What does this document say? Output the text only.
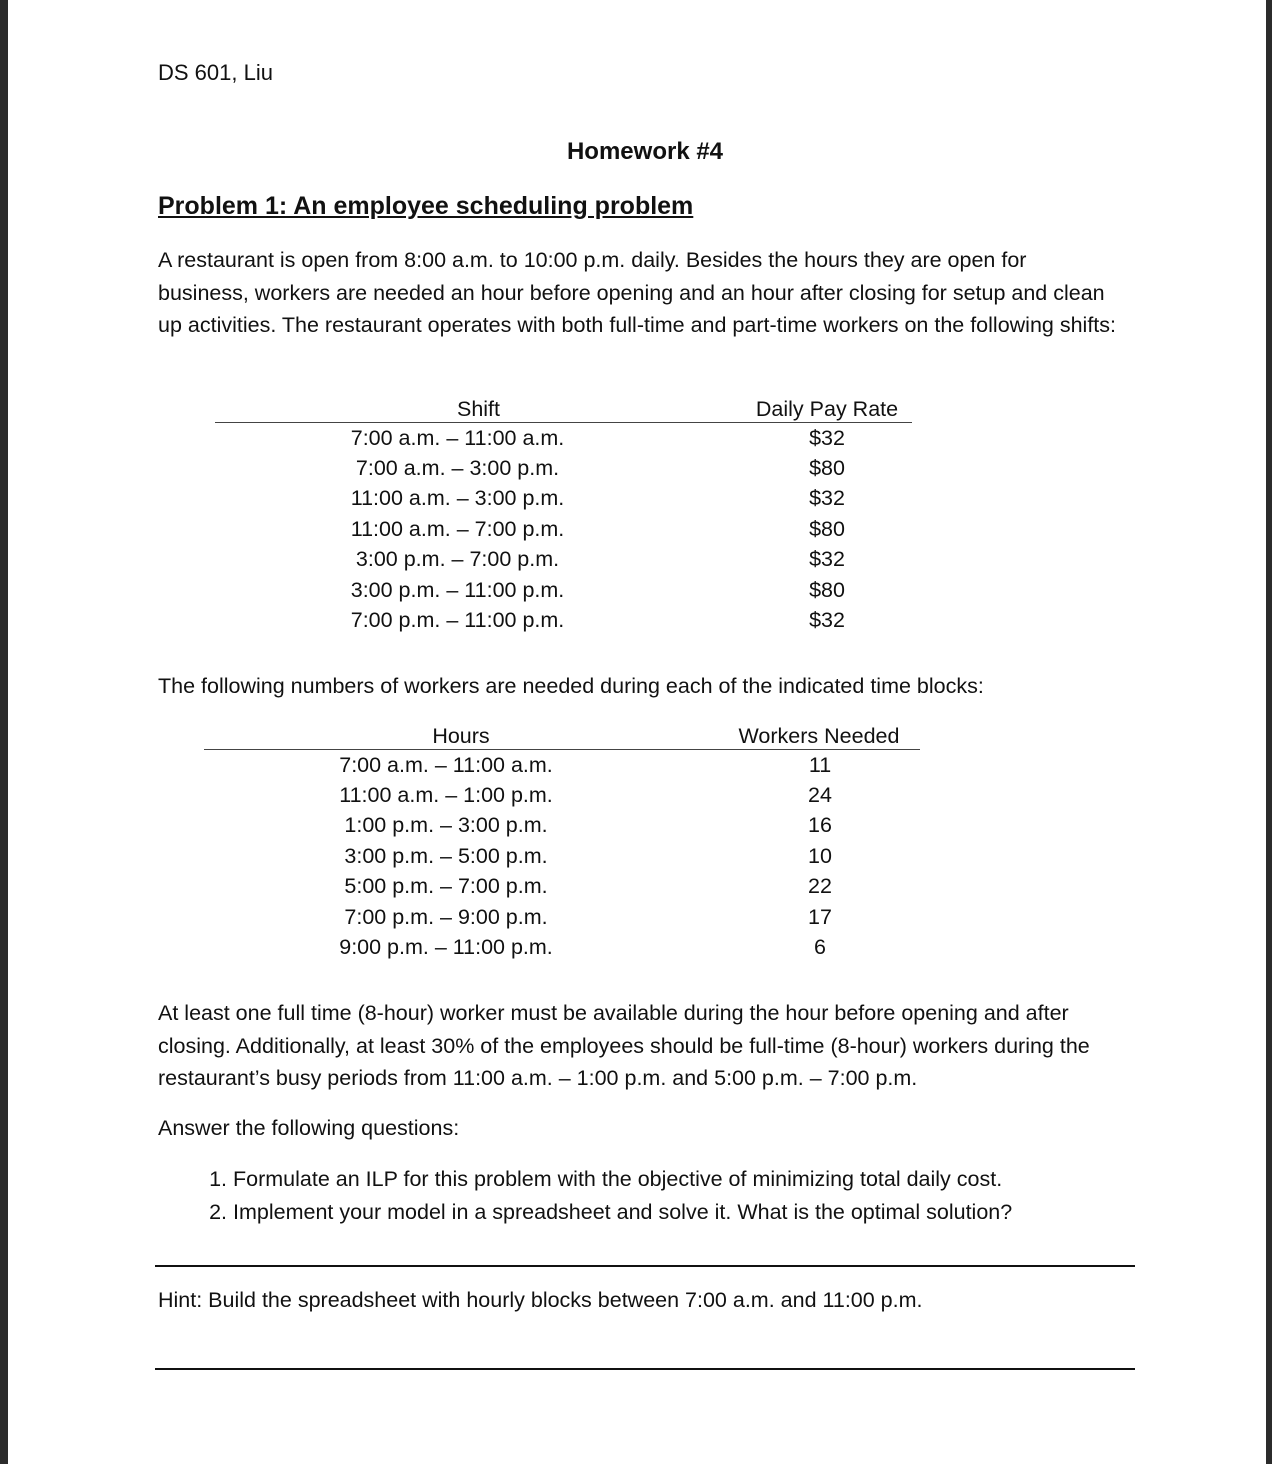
DS 601, Liu
Homework #4
Problem 1: An employee scheduling problem
A restaurant is open from 8:00 a.m. to 10:00 p.m. daily. Besides the hours they are open for business, workers are needed an hour before opening and an hour after closing for setup and clean up activities. The restaurant operates with both full-time and part-time workers on the following shifts:
Shift	Daily Pay Rate
7:00 a.m. – 11:00 a.m.	$32
7:00 a.m. – 3:00 p.m.	$80
11:00 a.m. – 3:00 p.m.	$32
11:00 a.m. – 7:00 p.m.	$80
3:00 p.m. – 7:00 p.m.	$32
3:00 p.m. – 11:00 p.m.	$80
7:00 p.m. – 11:00 p.m.	$32
The following numbers of workers are needed during each of the indicated time blocks:
Hours	Workers Needed
7:00 a.m. – 11:00 a.m.	11
11:00 a.m. – 1:00 p.m.	24
1:00 p.m. – 3:00 p.m.	16
3:00 p.m. – 5:00 p.m.	10
5:00 p.m. – 7:00 p.m.	22
7:00 p.m. – 9:00 p.m.	17
9:00 p.m. – 11:00 p.m.	6
At least one full time (8-hour) worker must be available during the hour before opening and after closing. Additionally, at least 30% of the employees should be full-time (8-hour) workers during the restaurant’s busy periods from 11:00 a.m. – 1:00 p.m. and 5:00 p.m. – 7:00 p.m.
Answer the following questions:
1. Formulate an ILP for this problem with the objective of minimizing total daily cost.
2. Implement your model in a spreadsheet and solve it. What is the optimal solution?
Hint: Build the spreadsheet with hourly blocks between 7:00 a.m. and 11:00 p.m.
